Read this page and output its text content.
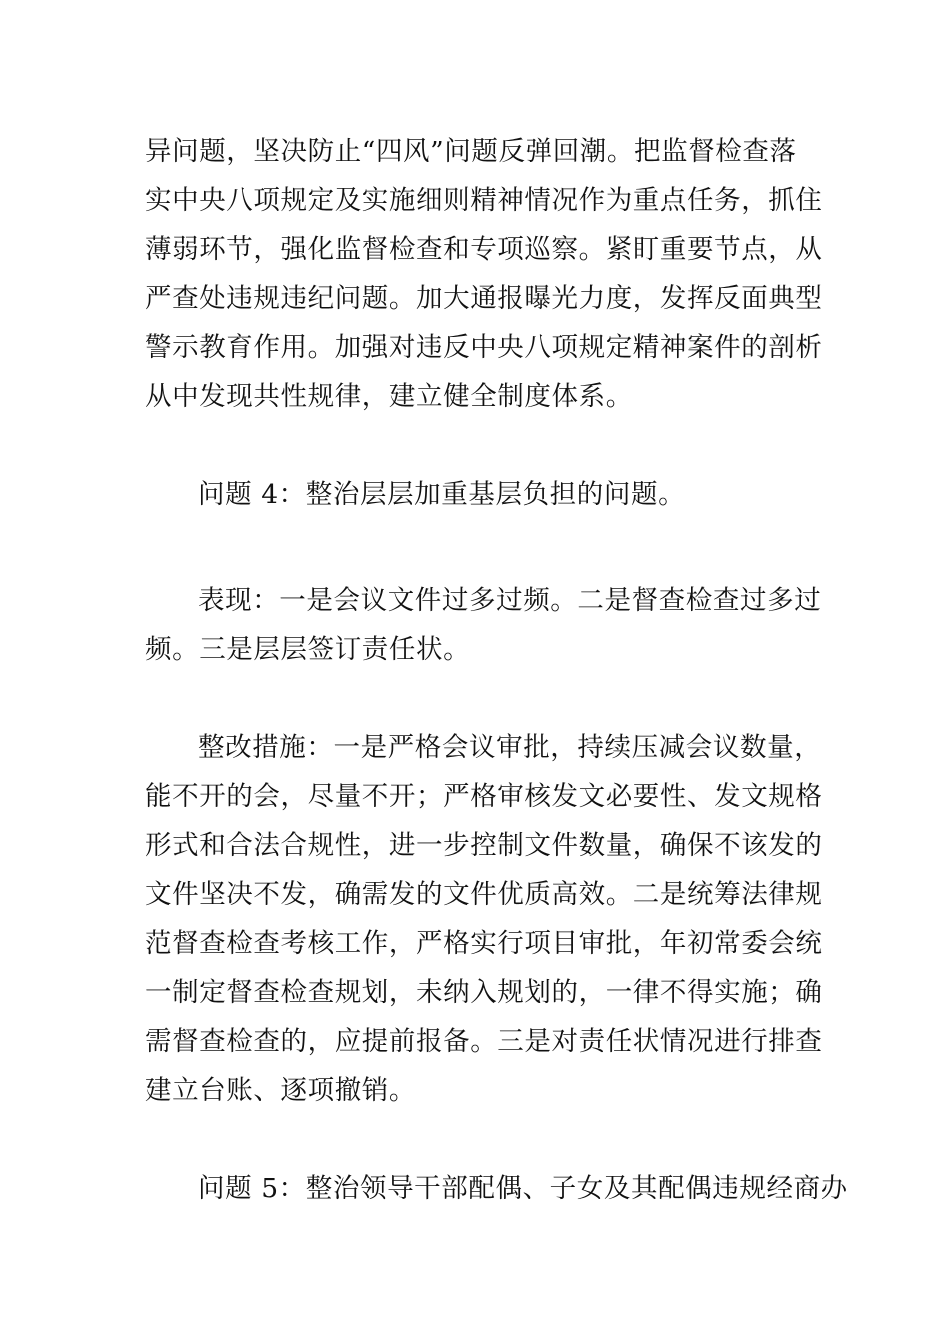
异问题，坚决防止“四风”问题反弹回潮。把监督检查落
实中央八项规定及实施细则精神情况作为重点任务，抓住
薄弱环节，强化监督检查和专项巡察。紧盯重要节点，从
严查处违规违纪问题。加大通报曝光力度，发挥反面典型
警示教育作用。加强对违反中央八项规定精神案件的剖析
从中发现共性规律，建立健全制度体系。
问题 4：整治层层加重基层负担的问题。
表现：一是会议文件过多过频。二是督查检查过多过
频。三是层层签订责任状。
整改措施：一是严格会议审批，持续压减会议数量，
能不开的会，尽量不开；严格审核发文必要性、发文规格
形式和合法合规性，进一步控制文件数量，确保不该发的
文件坚决不发，确需发的文件优质高效。二是统筹法律规
范督查检查考核工作，严格实行项目审批，年初常委会统
一制定督查检查规划，未纳入规划的，一律不得实施；确
需督查检查的，应提前报备。三是对责任状情况进行排查
建立台账、逐项撤销。
问题 5：整治领导干部配偶、子女及其配偶违规经商办
